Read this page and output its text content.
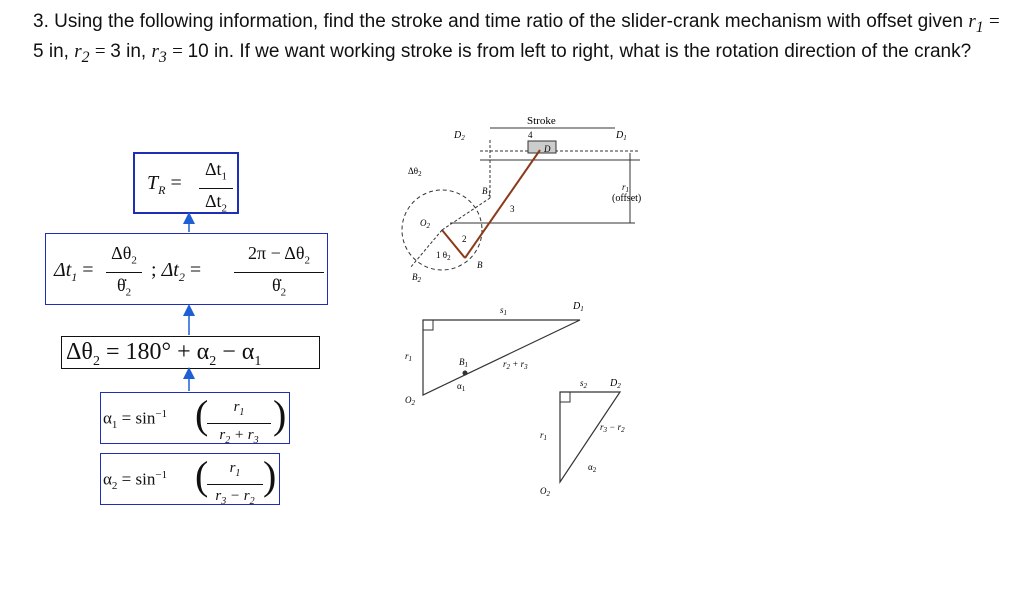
3. Using the following information, find the stroke and time ratio of the slider-crank mechanism with offset given $r_1 = 5$ in, $r_2 = 3$ in, $r_3 = 10$ in. If we want working stroke is from left to right, what is the rotation direction of the crank?

$T_R$ =
$\Delta t_1$
$\Delta t_2$
$\Delta t_1$ =
$\Delta\theta_2$
$\thetȧ_2$
; $\Delta t_2$ =
$2\pi - \Delta\theta_2$
$\thetȧ_2$
$\Delta\theta_2 = 180^\circ + \alpha_2 - \alpha_1$
$\alpha_1 = \sin^{-1}$ (	$r_1$
$r_2 + r_3$
)
$\alpha_2 = \sin^{-1}$ (	$r_1$
$r_3 - r_2$
)
Stroke
$D_2$	$D_1$
$\Delta\theta_2$
$B_1$
3
4
D
$r_1$
(offset)
$O_2$
2
1 $\theta_2$
B
$B_2$
$s_1$
$D_1$
$r_1$	$B_1$	$r_2 + r_3$
$\alpha_1$
$O_2$
$s_2$ $D_2$
$r_3 - r_2$
$r_1$
$\alpha_2$
$O_2$
